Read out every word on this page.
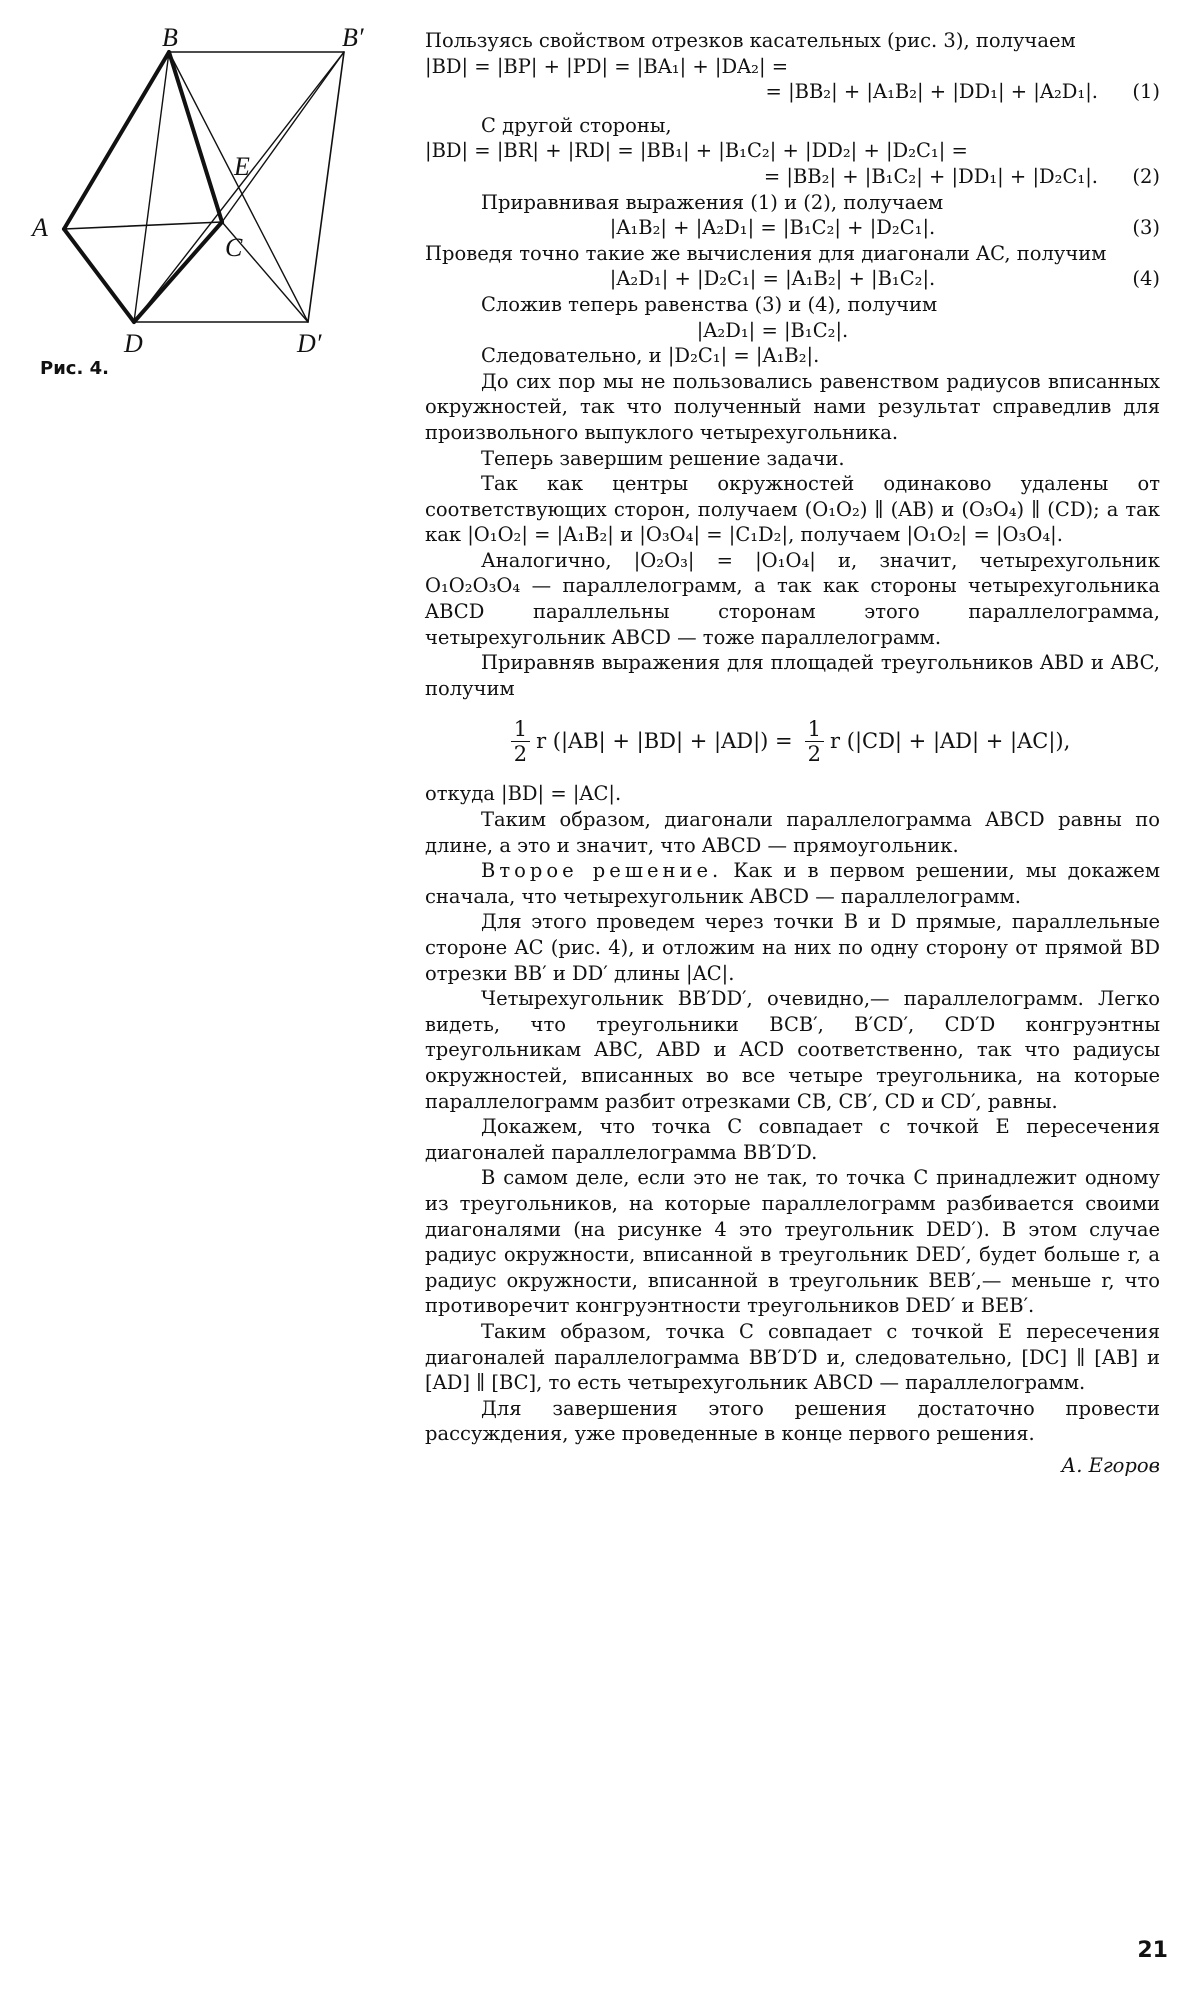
B	B′
E
A
C
D	D′
Рис. 4.

Пользуясь свойством отрезков касательных (рис. 3), получаем

|BD| = |BP| + |PD| = |BA₁| + |DA₂| =
= |BB₂| + |A₁B₂| + |DD₁| + |A₂D₁|.	(1)

С другой стороны,

|BD| = |BR| + |RD| = |BB₁| + |B₁C₂| + |DD₂| + |D₂C₁| =
= |BB₂| + |B₁C₂| + |DD₁| + |D₂C₁|.	(2)

Приравнивая выражения (1) и (2), получаем

|A₁B₂| + |A₂D₁| = |B₁C₂| + |D₂C₁|.	(3)

Проведя точно такие же вычисления для диагонали AC, получим

|A₂D₁| + |D₂C₁| = |A₁B₂| + |B₁C₂|.	(4)

Сложив теперь равенства (3) и (4), получим

|A₂D₁| = |B₁C₂|.

Следовательно, и |D₂C₁| = |A₁B₂|.

До сих пор мы не пользовались равенством радиусов вписанных окружностей, так что полученный нами результат справедлив для произвольного выпуклого четырехугольника.

Теперь завершим решение задачи.

Так как центры окружностей одинаково удалены от соответствующих сторон, получаем (O₁O₂) ∥ (AB) и (O₃O₄) ∥ (CD); а так как |O₁O₂| = |A₁B₂| и |O₃O₄| = |C₁D₂|, получаем |O₁O₂| = |O₃O₄|.

Аналогично, |O₂O₃| = |O₁O₄| и, значит, четырехугольник O₁O₂O₃O₄ — параллелограмм, а так как стороны четырехугольника ABCD параллельны сторонам этого параллелограмма, четырехугольник ABCD — тоже параллелограмм.

Приравняв выражения для площадей треугольников ABD и ABC, получим

$\frac{1}{2}$ r $(|AB| + |BD| + |AD|) = \frac{1}{2}$ r (|CD| + |AD| + |AC|),

откуда |BD| = |AC|.

Таким образом, диагонали параллелограмма ABCD равны по длине, а это и значит, что ABCD — прямоугольник.

Второе решение. Как и в первом решении, мы докажем сначала, что четырехугольник ABCD — параллелограмм.

Для этого проведем через точки B и D прямые, параллельные стороне AC (рис. 4), и отложим на них по одну сторону от прямой BD отрезки BB′ и DD′ длины |AC|.

Четырехугольник BB′DD′, очевидно,— параллелограмм. Легко видеть, что треугольники BCB′, B′CD′, CD′D конгруэнтны треугольникам ABC, ABD и ACD соответственно, так что радиусы окружностей, вписанных во все четыре треугольника, на которые параллелограмм разбит отрезками CB, CB′, CD и CD′, равны.

Докажем, что точка C совпадает с точкой E пересечения диагоналей параллелограмма BB′D′D.

В самом деле, если это не так, то точка C принадлежит одному из треугольников, на которые параллелограмм разбивается своими диагоналями (на рисунке 4 это треугольник DED′). В этом случае радиус окружности, вписанной в треугольник DED′, будет больше r, а радиус окружности, вписанной в треугольник BEB′,— меньше r, что противоречит конгруэнтности треугольников DED′ и BEB′.

Таким образом, точка C совпадает с точкой E пересечения диагоналей параллелограмма BB′D′D и, следовательно, [DC] ∥ [AB] и [AD] ∥ [BC], то есть четырехугольник ABCD — параллелограмм.

Для завершения этого решения достаточно провести рассуждения, уже проведенные в конце первого решения.

А. Егоров

21
